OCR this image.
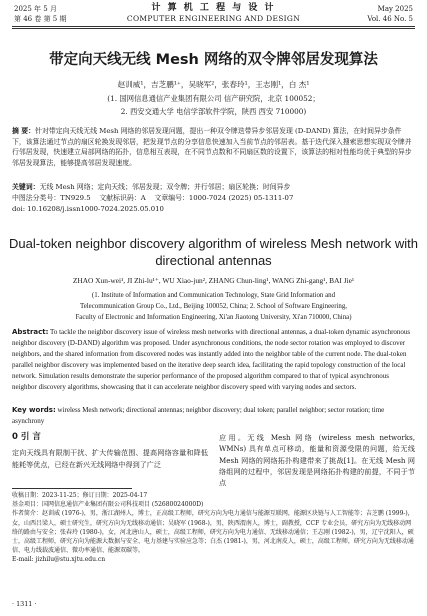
2025 年 5 月
第 46 卷 第 5 期
计 算 机 工 程 与 设 计
COMPUTER ENGINEERING AND DESIGN
May 2025
Vol. 46 No. 5
带定向天线无线 Mesh 网络的双令牌邻居发现算法
赵训威¹，吉芝鹏¹⁺，吴晓军²，张春玲¹，王志刚¹，白 杰¹
(1. 国网信息通信产业集团有限公司 信产研究院，北京 100052；
2. 西安交通大学 电信学部软件学院，陕西 西安 710000)
摘 要：针对带定向天线无线 Mesh 网络的邻居发现问题，提出一种双令牌迭带异步邻居发现 (D-DAND) 算法，在时间异步条件下，该算法通过节点的扇区轮换发现邻居，把发现节点的分享信息快速加入当前节点的邻居表。基于迭代深入搜索思想实现双令牌并行邻居发现，快速建立局部网络的拓扑，信息相互表现，在不同节点数和不同扇区数的设置下，该算法的相对性能均优于典型的异步邻居发现算法，能够提高邻居发现速度。
关键词：无线 Mesh 网络；定向天线；邻居发现；双令牌；并行邻居；扇区轮换；时间异步
中图法分类号：TN929.5 文献标识码：A 文章编号：1000-7024 (2025) 05-1311-07
doi: 10.16208/j.issn1000-7024.2025.05.010
Dual-token neighbor discovery algorithm of wireless Mesh network with directional antennas
ZHAO Xun-wei¹, JI Zhi-lu¹⁺, WU Xiao-jun², ZHANG Chun-ling¹, WANG Zhi-gang¹, BAI Jie¹
(1. Institute of Information and Communication Technology, State Grid Information and
Telecommunication Group Co., Ltd., Beijing 100052, China; 2. School of Software Engineering,
Faculty of Electronic and Information Engineering, Xi'an Jiaotong University, Xi'an 710000, China)
Abstract: To tackle the neighbor discovery issue of wireless mesh networks with directional antennas, a dual-token dynamic asynchronous neighbor discovery (D-DAND) algorithm was proposed. Under asynchronous conditions, the node sector rotation was employed to discover neighbors, and the shared information from discovered nodes was instantly added into the neighbor table of the current node. The dual-token parallel neighbor discovery was implemented based on the iterative deep search idea, facilitating the rapid topology construction of the local network. Simulation results demonstrate the superior performance of the proposed algorithm compared to that of typical asynchronous neighbor discovery algorithms, showcasing that it can accelerate neighbor discovery speed with varying nodes and sectors.
Key words: wireless Mesh network; directional antennas; neighbor discovery; dual token; parallel neighbor; sector rotation; time asynchrony
0 引 言
定向天线具有限制干扰、扩大传输范围、提高网络容量和降低能耗等优点，已经在新兴无线网络中得到了广泛
应用。无线 Mesh 网络 (wireless mesh networks, WMNs) 具有单点可移动，能量和资源受限的问题，给无线 Mesh 网络的网络拓扑构建带来了挑战[1]。在无线 Mesh 网络组网的过程中，邻居发现是网络拓扑构建的前提，不同于节点
收稿日期：2023-11-25；修订日期：2025-04-17
基金项目：国网信息通信产业集团有限公司科技项目 (52680024000D)
作者简介：赵训威 (1976-)，男，浙江湖州人，博士，正高级工程师，研究方向为电力通信与能源互联网，能源区块链与人工智能等；吉芝鹏 (1999-)，女，山西吕梁人，硕士研究生，研究方向为无线移动通信；吴晓军 (1968-)，男，陕西渭南人，博士，副教授，CCF 专业会员，研究方向为无线移动网络的路由与安全；张春玲 (1980-)，女，河北唐山人，硕士，高级工程师，研究方向为电力通信、无线移动通信；王志刚 (1982-)，男，辽宁沈阳人，硕士，高级工程师，研究方向为能源大数据与安全、电力基建与实验应急等；白杰 (1981-)，男，河北南皮人，硕士，高级工程师，研究方向为无线移动通信、电力线载波通信、微功率通信、能源双碳等。
E-mail: jizhilu@stu.xjtu.edu.cn
· 1311 ·
